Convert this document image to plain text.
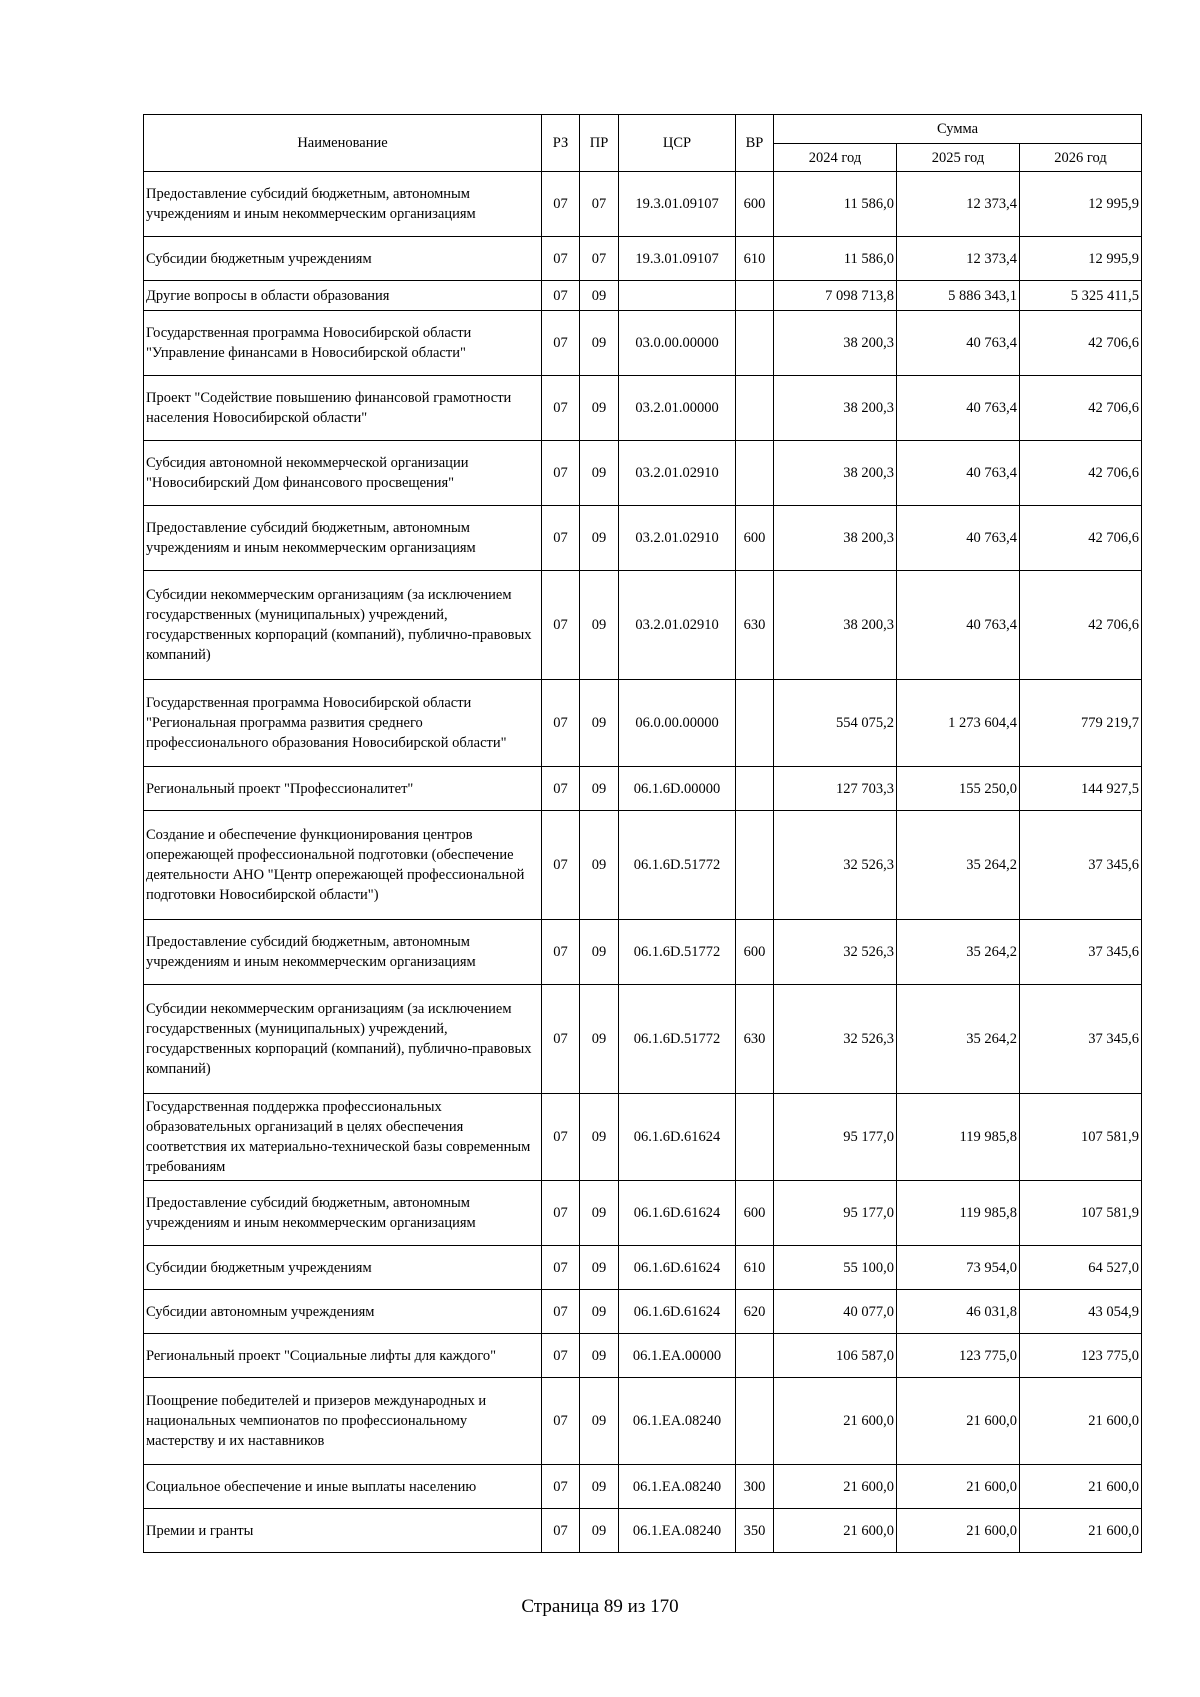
Наименование	РЗ	ПР	ЦСР	ВР	Сумма		
					2024 год	2025 год	2026 год
Предоставление субсидий бюджетным, автономным учреждениям и иным некоммерческим организациям	07	07	19.3.01.09107	600	11 586,0	12 373,4	12 995,9
Субсидии бюджетным учреждениям	07	07	19.3.01.09107	610	11 586,0	12 373,4	12 995,9
Другие вопросы в области образования	07	09			7 098 713,8	5 886 343,1	5 325 411,5
Государственная программа Новосибирской области "Управление финансами в Новосибирской области"	07	09	03.0.00.00000		38 200,3	40 763,4	42 706,6
Проект "Содействие повышению финансовой грамотности населения Новосибирской области"	07	09	03.2.01.00000		38 200,3	40 763,4	42 706,6
Субсидия автономной некоммерческой организации "Новосибирский Дом финансового просвещения"	07	09	03.2.01.02910		38 200,3	40 763,4	42 706,6
Предоставление субсидий бюджетным, автономным учреждениям и иным некоммерческим организациям	07	09	03.2.01.02910	600	38 200,3	40 763,4	42 706,6
Субсидии некоммерческим организациям (за исключением государственных (муниципальных) учреждений, государственных корпораций (компаний), публично-правовых компаний)	07	09	03.2.01.02910	630	38 200,3	40 763,4	42 706,6
Государственная программа Новосибирской области "Региональная программа развития среднего профессионального образования Новосибирской области"	07	09	06.0.00.00000		554 075,2	1 273 604,4	779 219,7
Региональный проект "Профессионалитет"	07	09	06.1.6D.00000		127 703,3	155 250,0	144 927,5
Создание и обеспечение функционирования центров опережающей профессиональной подготовки (обеспечение деятельности АНО "Центр опережающей профессиональной подготовки Новосибирской области")	07	09	06.1.6D.51772		32 526,3	35 264,2	37 345,6
Предоставление субсидий бюджетным, автономным учреждениям и иным некоммерческим организациям	07	09	06.1.6D.51772	600	32 526,3	35 264,2	37 345,6
Субсидии некоммерческим организациям (за исключением государственных (муниципальных) учреждений, государственных корпораций (компаний), публично-правовых компаний)	07	09	06.1.6D.51772	630	32 526,3	35 264,2	37 345,6
Государственная поддержка профессиональных образовательных организаций в целях обеспечения соответствия их материально-технической базы современным требованиям	07	09	06.1.6D.61624		95 177,0	119 985,8	107 581,9
Предоставление субсидий бюджетным, автономным учреждениям и иным некоммерческим организациям	07	09	06.1.6D.61624	600	95 177,0	119 985,8	107 581,9
Субсидии бюджетным учреждениям	07	09	06.1.6D.61624	610	55 100,0	73 954,0	64 527,0
Субсидии автономным учреждениям	07	09	06.1.6D.61624	620	40 077,0	46 031,8	43 054,9
Региональный проект "Социальные лифты для каждого"	07	09	06.1.EA.00000		106 587,0	123 775,0	123 775,0
Поощрение победителей и призеров международных и национальных чемпионатов по профессиональному мастерству и их наставников	07	09	06.1.EA.08240		21 600,0	21 600,0	21 600,0
Социальное обеспечение и иные выплаты населению	07	09	06.1.EA.08240	300	21 600,0	21 600,0	21 600,0
Премии и гранты	07	09	06.1.EA.08240	350	21 600,0	21 600,0	21 600,0
Страница 89 из 170
